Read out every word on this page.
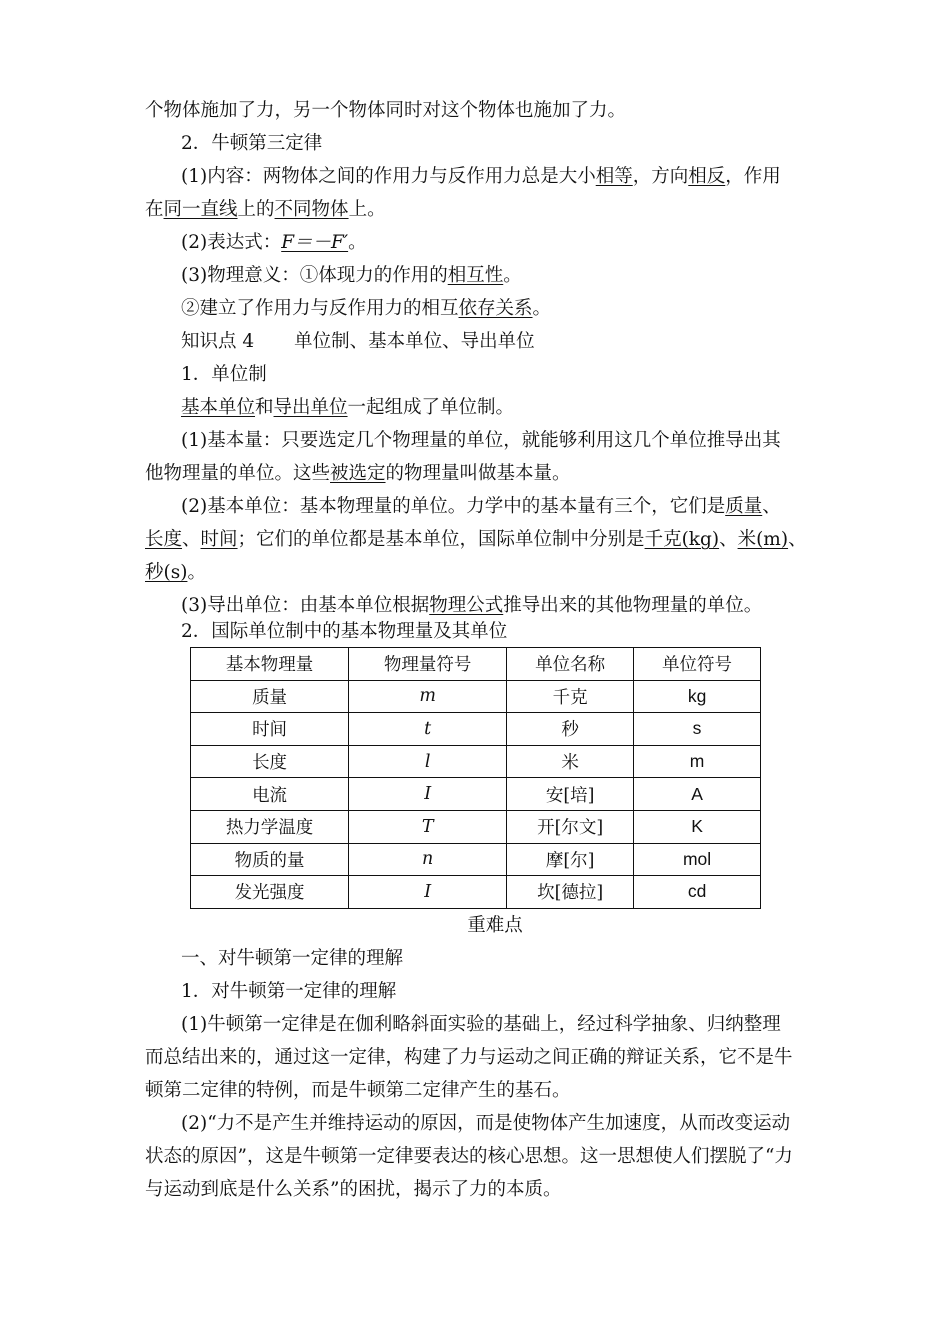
个物体施加了力，另一个物体同时对这个物体也施加了力。
2．牛顿第三定律
(1)内容：两物体之间的作用力与反作用力总是大小相等，方向相反，作用
在同一直线上的不同物体上。
(2)表达式：F＝－F′。
(3)物理意义：①体现力的作用的相互性。
②建立了作用力与反作用力的相互依存关系。
知识点 4 单位制、基本单位、导出单位
1．单位制
基本单位和导出单位一起组成了单位制。
(1)基本量：只要选定几个物理量的单位，就能够利用这几个单位推导出其
他物理量的单位。这些被选定的物理量叫做基本量。
(2)基本单位：基本物理量的单位。力学中的基本量有三个，它们是质量、
长度、时间；它们的单位都是基本单位，国际单位制中分别是千克(kg)、米(m)、
秒(s)。
(3)导出单位：由基本单位根据物理公式推导出来的其他物理量的单位。
2．国际单位制中的基本物理量及其单位
基本物理量	物理量符号	单位名称	单位符号
质量	m	千克	kg
时间	t	秒	s
长度	l	米	m
电流	I	安[培]	A
热力学温度	T	开[尔文]	K
物质的量	n	摩[尔]	mol
发光强度	I	坎[德拉]	cd
重难点
一、对牛顿第一定律的理解
1．对牛顿第一定律的理解
(1)牛顿第一定律是在伽利略斜面实验的基础上，经过科学抽象、归纳整理
而总结出来的，通过这一定律，构建了力与运动之间正确的辩证关系，它不是牛
顿第二定律的特例，而是牛顿第二定律产生的基石。
(2)“力不是产生并维持运动的原因，而是使物体产生加速度，从而改变运动
状态的原因”，这是牛顿第一定律要表达的核心思想。这一思想使人们摆脱了“力
与运动到底是什么关系”的困扰，揭示了力的本质。
